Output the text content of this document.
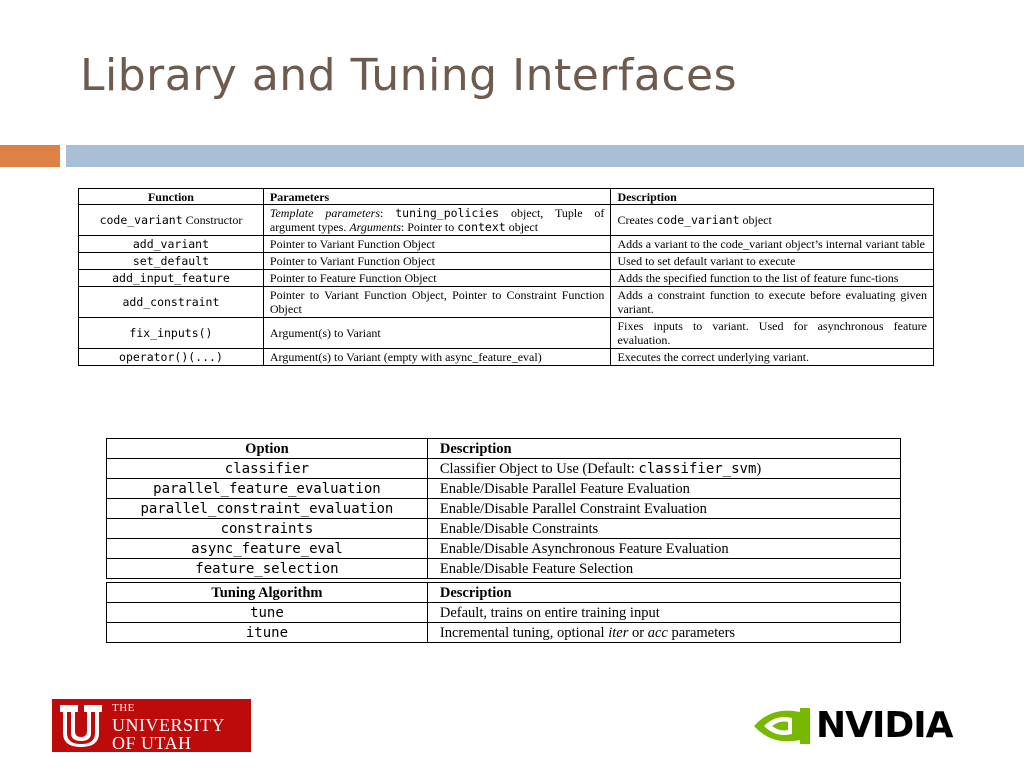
Library and Tuning Interfaces
Function	Parameters	Description
code_variant Constructor	Template parameters: tuning_policies object, Tuple of argument types. Arguments: Pointer to context object	Creates code_variant object
add_variant	Pointer to Variant Function Object	Adds a variant to the code_variant object’s internal variant table
set_default	Pointer to Variant Function Object	Used to set default variant to execute
add_input_feature	Pointer to Feature Function Object	Adds the specified function to the list of feature func-tions
add_constraint	Pointer to Variant Function Object, Pointer to Constraint Function Object	Adds a constraint function to execute before evaluating given variant.
fix_inputs()	Argument(s) to Variant	Fixes inputs to variant. Used for asynchronous feature evaluation.
operator()(...)	Argument(s) to Variant (empty with async_feature_eval)	Executes the correct underlying variant.
Option	Description
classifier	Classifier Object to Use (Default: classifier_svm)
parallel_feature_evaluation	Enable/Disable Parallel Feature Evaluation
parallel_constraint_evaluation	Enable/Disable Parallel Constraint Evaluation
constraints	Enable/Disable Constraints
async_feature_eval	Enable/Disable Asynchronous Feature Evaluation
feature_selection	Enable/Disable Feature Selection

Tuning Algorithm	Description
tune	Default, trains on entire training input
itune	Incremental tuning, optional iter or acc parameters
THE
UNIVERSITY
OF UTAH	NVIDIA
